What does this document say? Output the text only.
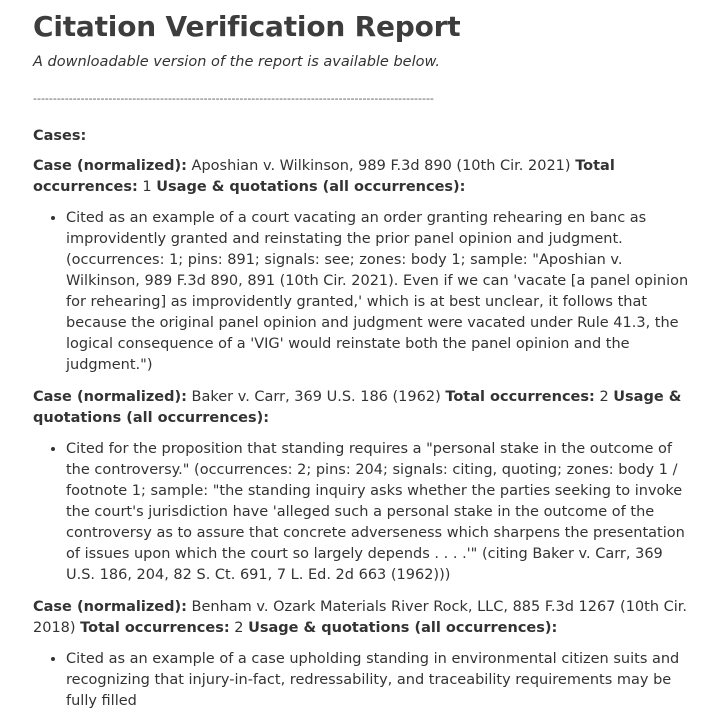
Citation Verification Report

A downloadable version of the report is available below.

-----------------------------------------------------------------------------------------------------
Cases:
Case (normalized): Aposhian v. Wilkinson, 989 F.3d 890 (10th Cir. 2021) Total occurrences: 1 Usage & quotations (all occurrences):
• Cited as an example of a court vacating an order granting rehearing en banc as improvidently granted and reinstating the prior panel opinion and judgment. (occurrences: 1; pins: 891; signals: see; zones: body 1; sample: "Aposhian v. Wilkinson, 989 F.3d 890, 891 (10th Cir. 2021). Even if we can 'vacate [a panel opinion for rehearing] as improvidently granted,' which is at best unclear, it follows that because the original panel opinion and judgment were vacated under Rule 41.3, the logical consequence of a 'VIG' would reinstate both the panel opinion and the judgment.")
Case (normalized): Baker v. Carr, 369 U.S. 186 (1962) Total occurrences: 2 Usage & quotations (all occurrences):
• Cited for the proposition that standing requires a "personal stake in the outcome of the controversy." (occurrences: 2; pins: 204; signals: citing, quoting; zones: body 1 / footnote 1; sample: "the standing inquiry asks whether the parties seeking to invoke the court's jurisdiction have 'alleged such a personal stake in the outcome of the controversy as to assure that concrete adverseness which sharpens the presentation of issues upon which the court so largely depends . . . .'" (citing Baker v. Carr, 369 U.S. 186, 204, 82 S. Ct. 691, 7 L. Ed. 2d 663 (1962)))
Case (normalized): Benham v. Ozark Materials River Rock, LLC, 885 F.3d 1267 (10th Cir. 2018) Total occurrences: 2 Usage & quotations (all occurrences):
• Cited as an example of a case upholding standing in environmental citizen suits and recognizing that injury-in-fact, redressability, and traceability requirements may be fully filled
